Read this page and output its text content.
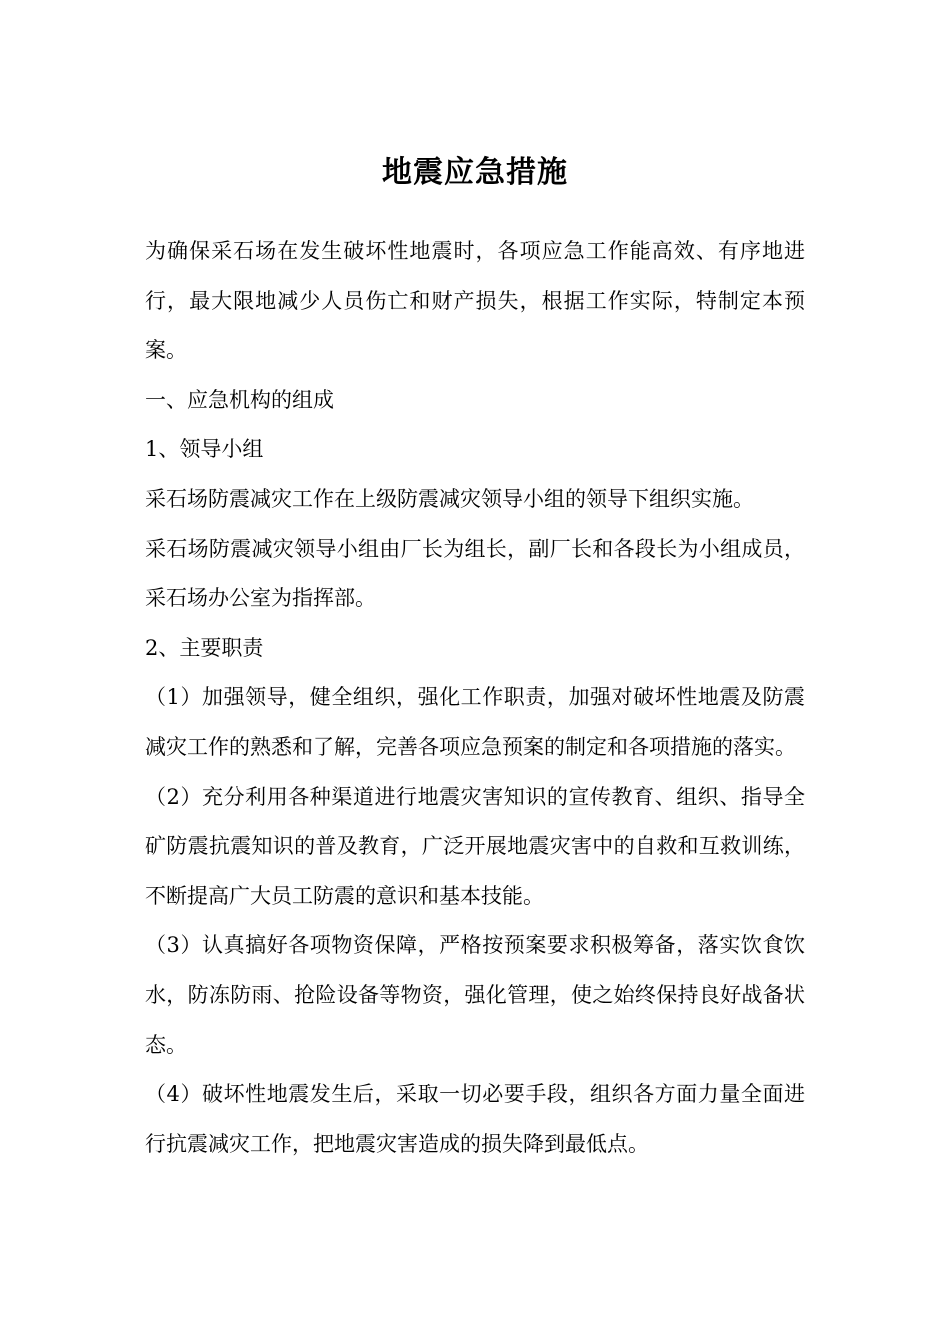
地震应急措施

为确保采石场在发生破坏性地震时，各项应急工作能高效、有序地进行，最大限地减少人员伤亡和财产损失，根据工作实际，特制定本预案。

一、应急机构的组成

1、领导小组

采石场防震减灾工作在上级防震减灾领导小组的领导下组织实施。

采石场防震减灾领导小组由厂长为组长，副厂长和各段长为小组成员，采石场办公室为指挥部。

2、主要职责

（1）加强领导，健全组织，强化工作职责，加强对破坏性地震及防震减灾工作的熟悉和了解，完善各项应急预案的制定和各项措施的落实。

（2）充分利用各种渠道进行地震灾害知识的宣传教育、组织、指导全矿防震抗震知识的普及教育，广泛开展地震灾害中的自救和互救训练，不断提高广大员工防震的意识和基本技能。

（3）认真搞好各项物资保障，严格按预案要求积极筹备，落实饮食饮水，防冻防雨、抢险设备等物资，强化管理，使之始终保持良好战备状态。

（4）破坏性地震发生后，采取一切必要手段，组织各方面力量全面进行抗震减灾工作，把地震灾害造成的损失降到最低点。
